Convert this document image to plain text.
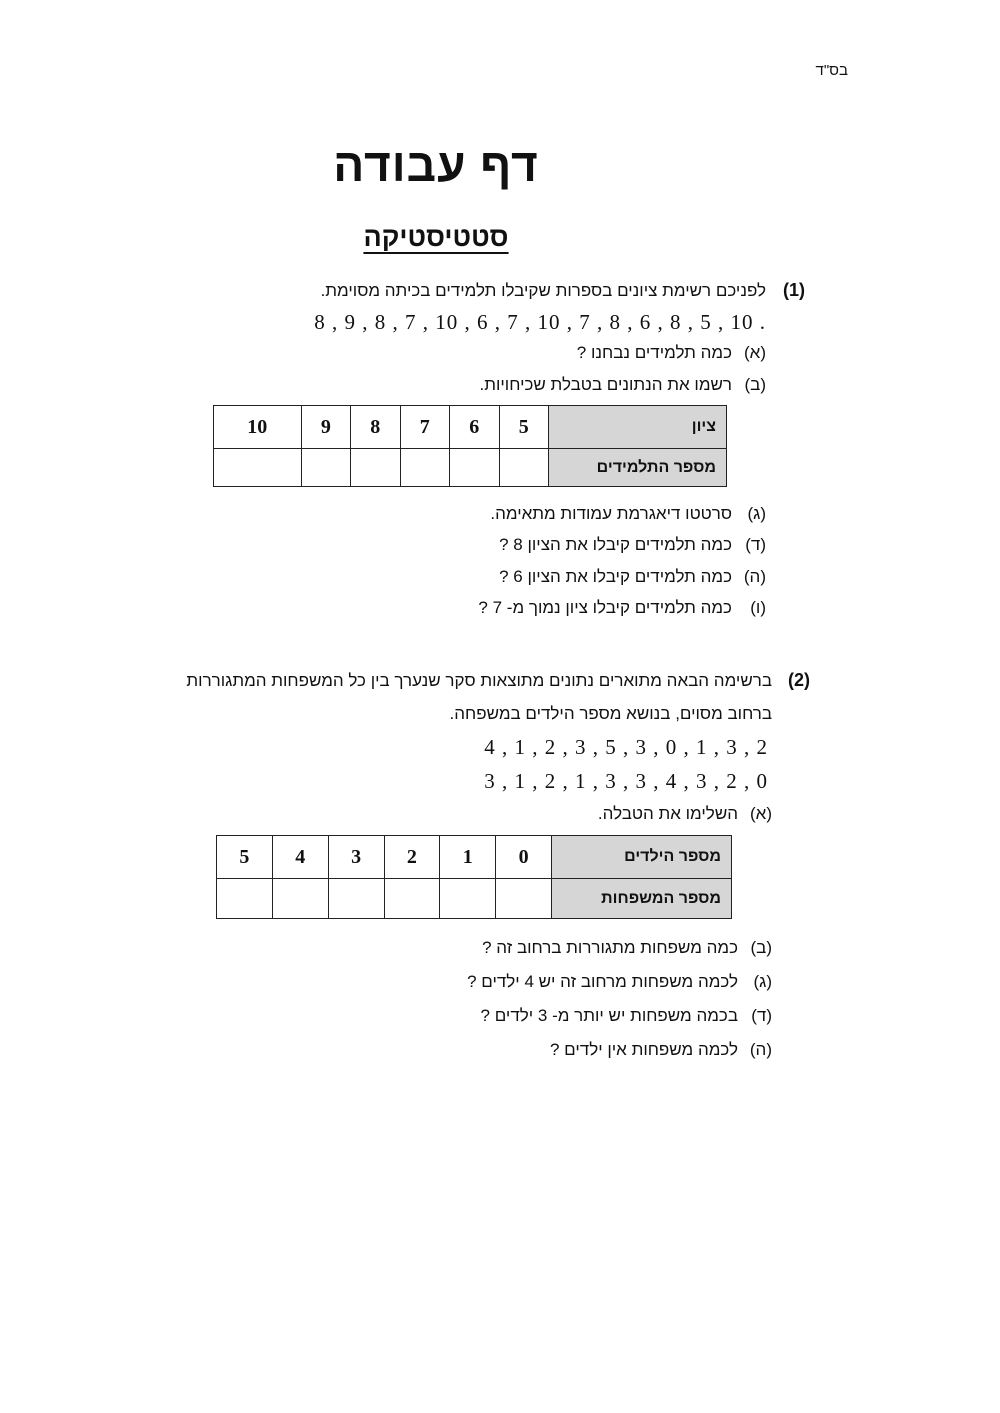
בס"ד
דף עבודה
סטטיסטיקה
(1)
לפניכם רשימת ציונים בספרות שקיבלו תלמידים בכיתה מסוימת.
8 , 9 , 8 , 7 , 10 , 6 , 7 , 10 , 7 , 8 , 6 , 8 , 5 , 10 .
(א)כמה תלמידים נבחנו ?
(ב)רשמו את הנתונים בטבלת שכיחויות.
ציון	5	6	7	8	9	10
מספר התלמידים						
(ג)סרטטו דיאגרמת עמודות מתאימה.
(ד)כמה תלמידים קיבלו את הציון 8 ?
(ה)כמה תלמידים קיבלו את הציון 6 ?
(ו)כמה תלמידים קיבלו ציון נמוך מ- 7 ?
(2)
ברשימה הבאה מתוארים נתונים מתוצאות סקר שנערך בין כל המשפחות המתגוררות
ברחוב מסוים, בנושא מספר הילדים במשפחה.
4 , 1 , 2 , 3 , 5 , 3 , 0 , 1 , 3 , 2
3 , 1 , 2 , 1 , 3 , 3 , 4 , 3 , 2 , 0
(א)השלימו את הטבלה.
מספר הילדים	0	1	2	3	4	5
מספר המשפחות						
(ב)כמה משפחות מתגוררות ברחוב זה ?
(ג)לכמה משפחות מרחוב זה יש 4 ילדים ?
(ד)בכמה משפחות יש יותר מ- 3 ילדים ?
(ה)לכמה משפחות אין ילדים ?
